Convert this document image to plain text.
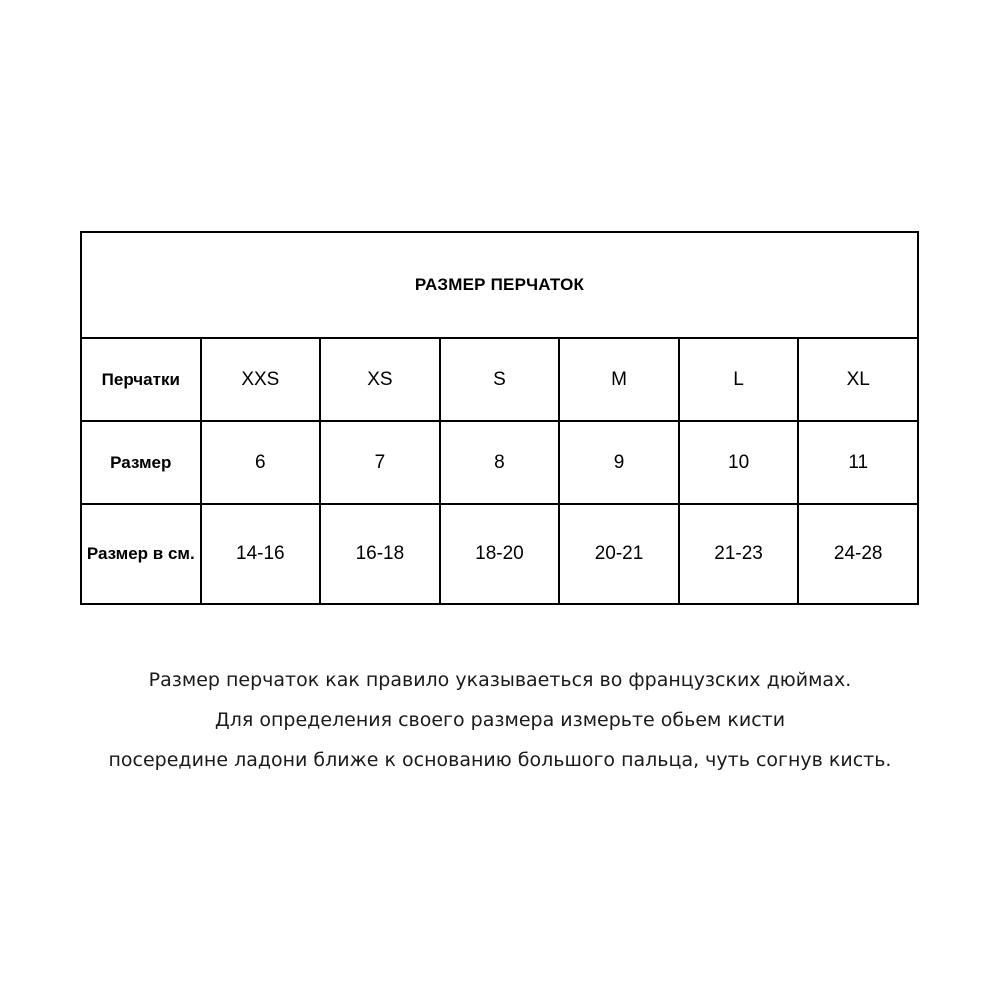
РАЗМЕР ПЕРЧАТОК						
Перчатки	XXS	XS	S	M	L	XL
Размер	6	7	8	9	10	11
Размер в см.	14-16	16-18	18-20	20-21	21-23	24-28
Размер перчаток как правило указываеться во французских дюймах.
Для определения своего размера измерьте обьем кисти
посередине ладони ближе к основанию большого пальца, чуть согнув кисть.
